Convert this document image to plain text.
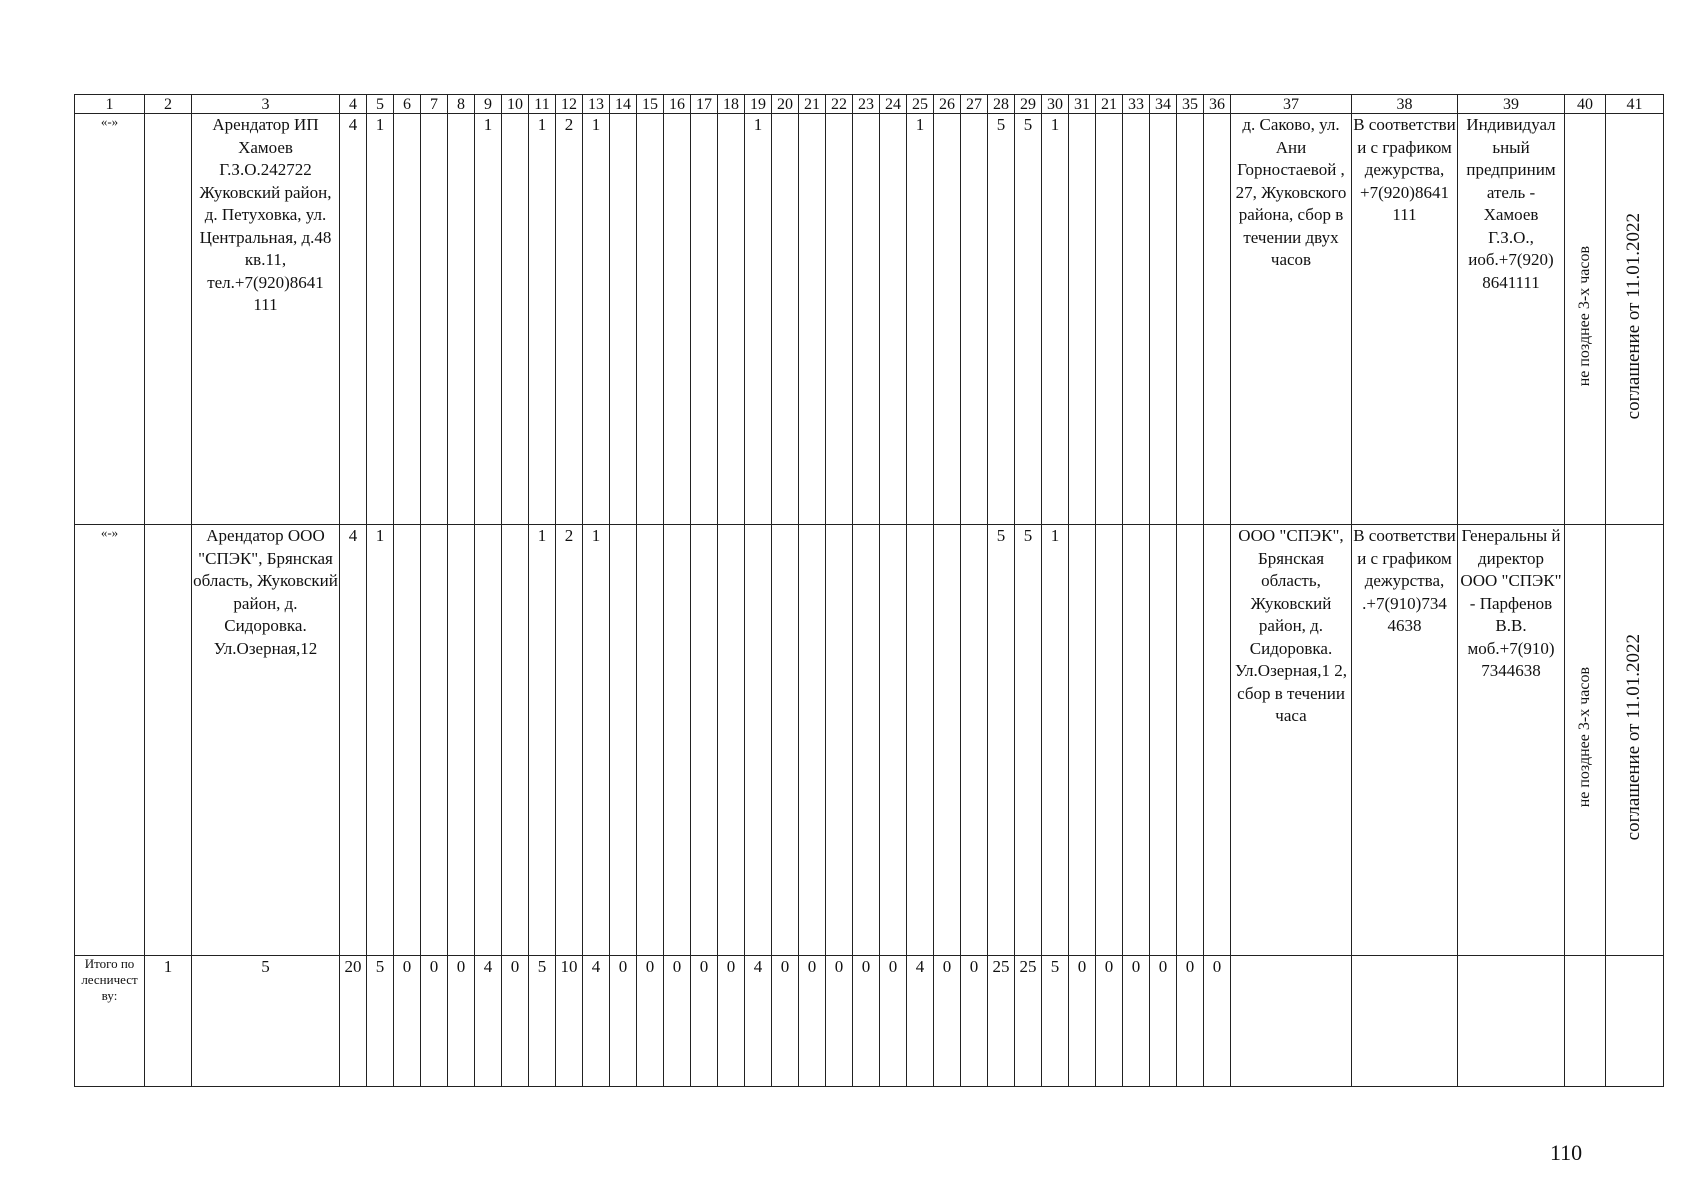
1	2	3	4	5	6	7	8	9	10	11	12	13	14	15	16	17	18	19	20	21	22	23	24	25	26	27	28	29	30	31	21	33	34	35	36	37	38	39	40	41
«-»		Арендатор ИП Хамоев Г.З.О.242722 Жуковский район, д. Петуховка, ул. Центральная, д.48 кв.11, тел.+7(920)8641 111	4	1				1		1	2	1						1						1			5	5	1							д. Саково, ул. Ани Горностаевой , 27, Жуковского района, сбор в течении двух часов	В соответстви и с графиком дежурства, +7(920)8641 111	Индивидуал ьный предприним атель - Хамоев Г.З.О., иоб.+7(920) 8641111	не позднее 3-х часов	соглашение от 11.01.2022
«-»		Арендатор ООО "СПЭК", Брянская область, Жуковский район, д. Сидоровка. Ул.Озерная,12	4	1						1	2	1															5	5	1							ООО "СПЭК", Брянская область, Жуковский район, д. Сидоровка. Ул.Озерная,1 2, сбор в течении часа	В соответстви и с графиком дежурства, .+7(910)734 4638	Генеральны й директор ООО "СПЭК" - Парфенов В.В. моб.+7(910) 7344638	не позднее 3-х часов	соглашение от 11.01.2022
Итого по лесничест ву:	1	5	20	5	0	0	0	4	0	5	10	4	0	0	0	0	0	4	0	0	0	0	0	4	0	0	25	25	5	0	0	0	0	0	0					
110
